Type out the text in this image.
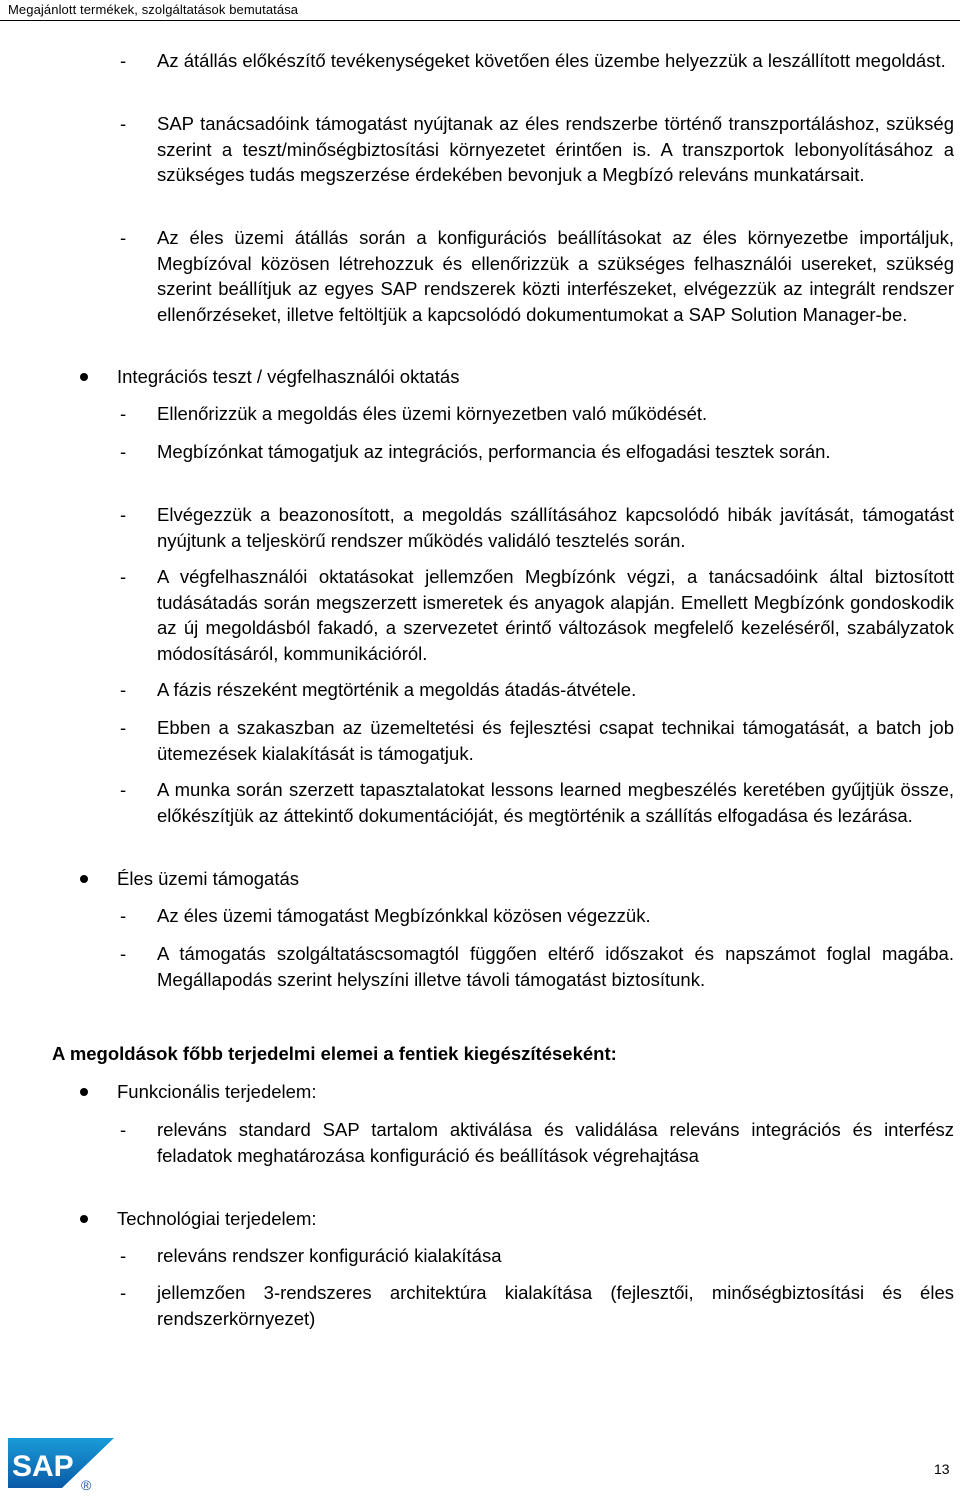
Megajánlott termékek, szolgáltatások bemutatása
- Az átállás előkészítő tevékenységeket követően éles üzembe helyezzük a leszállított megoldást.
- SAP tanácsadóink támogatást nyújtanak az éles rendszerbe történő transzportáláshoz, szükség szerint a teszt/minőségbiztosítási környezetet érintően is. A transzportok lebonyolításához a szükséges tudás megszerzése érdekében bevonjuk a Megbízó releváns munkatársait.
- Az éles üzemi átállás során a konfigurációs beállításokat az éles környezetbe importáljuk, Megbízóval közösen létrehozzuk és ellenőrizzük a szükséges felhasználói usereket, szükség szerint beállítjuk az egyes SAP rendszerek közti interfészeket, elvégezzük az integrált rendszer ellenőrzéseket, illetve feltöltjük a kapcsolódó dokumentumokat a SAP Solution Manager-be.
Integrációs teszt / végfelhasználói oktatás
- Ellenőrizzük a megoldás éles üzemi környezetben való működését.
- Megbízónkat támogatjuk az integrációs, performancia és elfogadási tesztek során.
- Elvégezzük a beazonosított, a megoldás szállításához kapcsolódó hibák javítását, támogatást nyújtunk a teljeskörű rendszer működés validáló tesztelés során.
- A végfelhasználói oktatásokat jellemzően Megbízónk végzi, a tanácsadóink által biztosított tudásátadás során megszerzett ismeretek és anyagok alapján. Emellett Megbízónk gondoskodik az új megoldásból fakadó, a szervezetet érintő változások megfelelő kezeléséről, szabályzatok módosításáról, kommunikációról.
- A fázis részeként megtörténik a megoldás átadás-átvétele.
- Ebben a szakaszban az üzemeltetési és fejlesztési csapat technikai támogatását, a batch job ütemezések kialakítását is támogatjuk.
- A munka során szerzett tapasztalatokat lessons learned megbeszélés keretében gyűjtjük össze, előkészítjük az áttekintő dokumentációját, és megtörténik a szállítás elfogadása és lezárása.
Éles üzemi támogatás
- Az éles üzemi támogatást Megbízónkkal közösen végezzük.
- A támogatás szolgáltatáscsomagtól függően eltérő időszakot és napszámot foglal magába. Megállapodás szerint helyszíni illetve távoli támogatást biztosítunk.
A megoldások főbb terjedelmi elemei a fentiek kiegészítéseként:
Funkcionális terjedelem:
- releváns standard SAP tartalom aktiválása és validálása releváns integrációs és interfész feladatok meghatározása konfiguráció és beállítások végrehajtása
Technológiai terjedelem:
- releváns rendszer konfiguráció kialakítása
- jellemzően 3-rendszeres architektúra kialakítása (fejlesztői, minőségbiztosítási és éles rendszerkörnyezet)
SAP
®
13
